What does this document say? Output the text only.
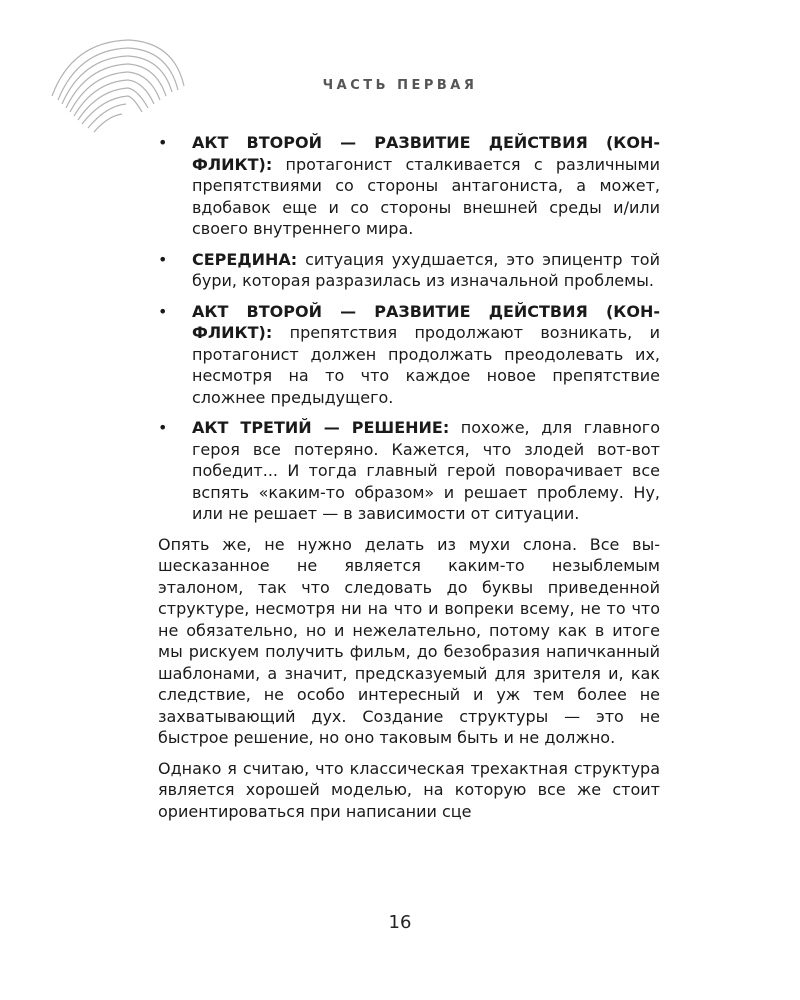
ЧАСТЬ ПЕРВАЯ
• АКТ ВТОРОЙ — РАЗВИТИЕ ДЕЙСТВИЯ (КОНФЛИКТ): протагонист сталкивается с различными препятствиями со стороны антагониста, а может, вдобавок еще и со стороны внешней среды и/или своего внутреннего мира.
• СЕРЕДИНА: ситуация ухудшается, это эпицентр той бури, которая разразилась из изначальной проблемы.
• АКТ ВТОРОЙ — РАЗВИТИЕ ДЕЙСТВИЯ (КОНФЛИКТ): препятствия продолжают возникать, и протагонист должен продолжать преодолевать их, несмотря на то что каждое новое препятствие сложнее предыдущего.
• АКТ ТРЕТИЙ — РЕШЕНИЕ: похоже, для главного героя все потеряно. Кажется, что злодей вот-вот победит... И тогда главный герой поворачивает все вспять «каким-то образом» и решает проблему. Ну, или не решает — в зависимости от ситуации.

Опять же, не нужно делать из мухи слона. Все вышесказанное не является каким-то незыблемым эталоном, так что следовать до буквы приведенной структуре, несмотря ни на что и вопреки всему, не то что не обязательно, но и нежелательно, потому как в итоге мы рискуем получить фильм, до безобразия напичканный шаблонами, а значит, предсказуемый для зрителя и, как следствие, не особо интересный и уж тем более не захватывающий дух. Создание структуры — это не быстрое решение, но оно таковым быть и не должно.

Однако я считаю, что классическая трехактная структура является хорошей моделью, на которую все же стоит ориентироваться при написании сце

16
